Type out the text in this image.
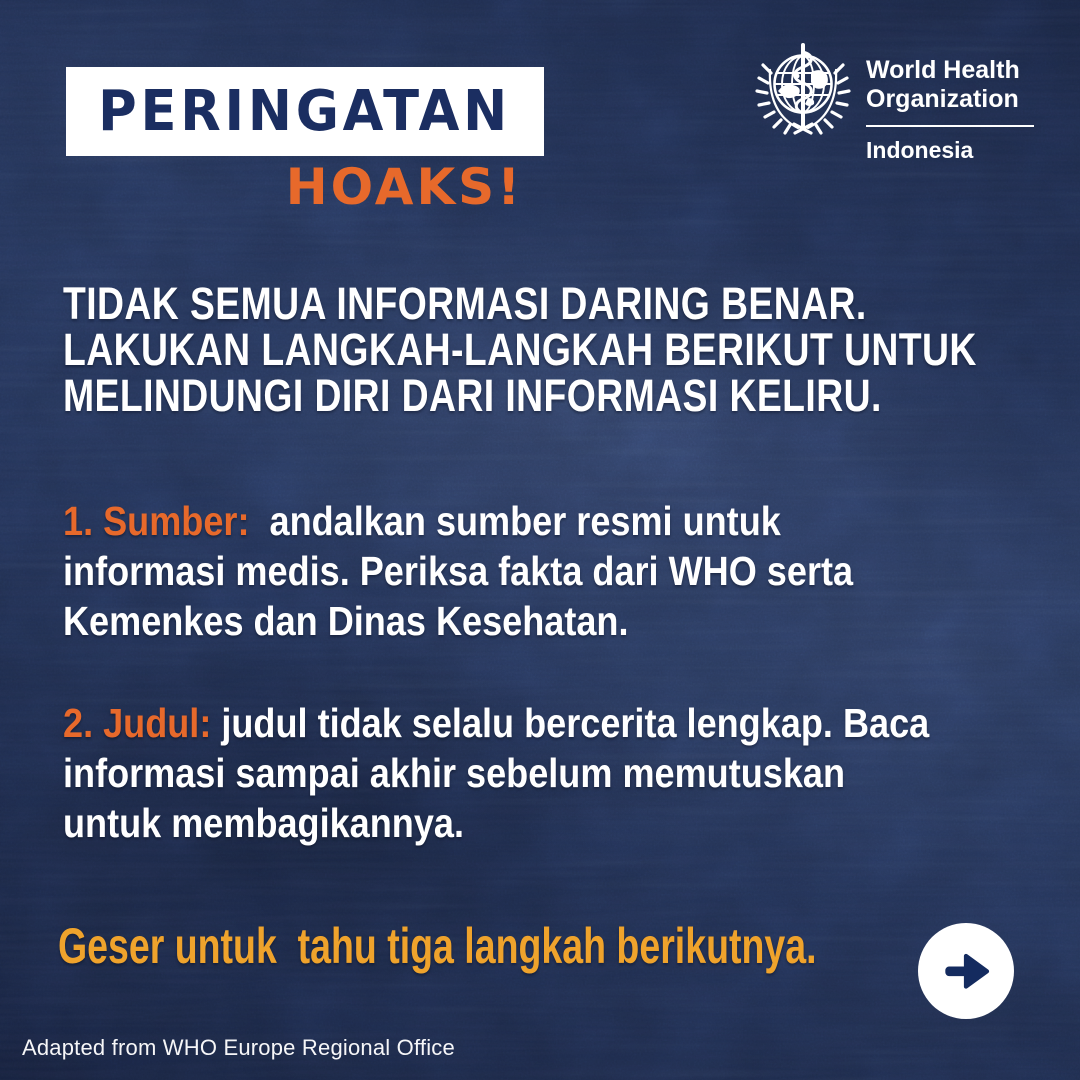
PERINGATAN
HOAKS!
World Health
Organization
Indonesia
TIDAK SEMUA INFORMASI DARING BENAR.
LAKUKAN LANGKAH-LANGKAH BERIKUT UNTUK
MELINDUNGI DIRI DARI INFORMASI KELIRU.
1. Sumber:  andalkan sumber resmi untuk
informasi medis. Periksa fakta dari WHO serta
Kemenkes dan Dinas Kesehatan.
2. Judul: judul tidak selalu bercerita lengkap. Baca
informasi sampai akhir sebelum memutuskan
untuk membagikannya.
Geser untuk  tahu tiga langkah berikutnya.
Adapted from WHO Europe Regional Office
